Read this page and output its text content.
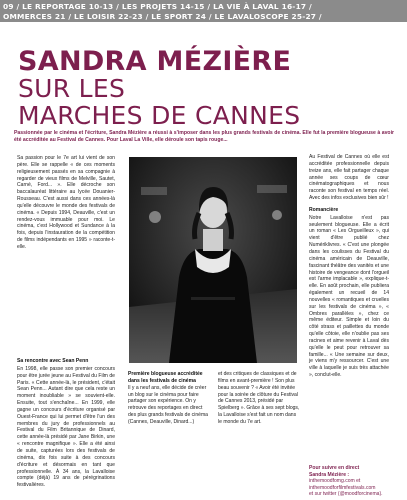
09 / LE REPORTAGE 10-13 / LES PROJETS 14-15 / LA VIE À LAVAL 16-17 /
OMMERCES 21 / LE LOISIR 22-23 / LE SPORT 24 / LE LAVALOSCOPE 25-27 /
SANDRA MÉZIÈRE
SUR LES
MARCHES DE CANNES

Passionnée par le cinéma et l'écriture, Sandra Mézière a réussi à s'imposer dans les plus grands festivals de cinéma. Elle fut la première blogueuse à avoir été accréditée au Festival de Cannes. Pour Laval La Ville, elle déroule son tapis rouge...

Sa passion pour le 7e art lui vient de son père. Elle se rappelle « de ces moments religieusement passés en sa compagnie à regarder de vieux films de Melville, Sautet, Carné, Ford... ». Elle décroche son baccalauréat littéraire au lycée Douanier-Rousseau. C'est aussi dans ces années-là qu'elle découvre le monde des festivals de cinéma. « Depuis 1994, Deauville, c'est un rendez-vous immuable pour moi. Le cinéma, c'est Hollywood et Sundance à la fois, depuis l'instauration de la compétition de films indépendants en 1995 » raconte-t-elle.

Sa rencontre avec Sean Penn

En 1998, elle passe son premier concours pour être jurée jeune au Festival du Film de Paris. « Cette année-là, le président, c'était Sean Penn... Autant dire que cela reste un moment inoubliable » se souvient-elle. Ensuite, tout s'enchaîne... En 1999, elle gagne un concours d'écriture organisé par Ouest-France qui lui permet d'être l'un des membres du jury de professionnels au Festival du Film Britannique de Dinard, cette année-là présidé par Jane Birkin, une « rencontre magnifique ». Elle a été ainsi de suite, capturées lors des festivals de cinéma, dix fois suite à des concours d'écriture et désormais en tant que professionnelle. À 34 ans, la Lavalloise compte (déjà) 19 ans de pérégrinations festivalières.

Première blogueuse accréditée dans les festivals de cinéma

Il y a neuf ans, elle décide de créer un blog sur le cinéma pour faire partager son expérience. On y retrouve des reportages en direct des plus grands festivals de cinéma (Cannes, Deauville, Dinard...)

et des critiques de classiques et de films en avant-première ! Son plus beau souvenir ? « Avoir été invitée pour la soirée de clôture du Festival de Cannes 2013, présidé par Spielberg ». Grâce à ses sept blogs, la Lavalloise s'est fait un nom dans le monde du 7e art.

Au Festival de Cannes où elle est accréditée professionnelle depuis treize ans, elle fait partager chaque année ses coups de cœur cinématographiques et nous raconte son festival en temps réel. Avec des infos exclusives bien sûr !

Romancière

Notre Lavalloise n'est pas seulement blogueuse. Elle a écrit un roman « Les Orgueilleux », qui vient d'être publié chez Numériklivres. « C'est une plongée dans les coulisses du Festival du cinéma américain de Deauville, fascinant théâtre des vanités et une histoire de vengeance dont l'orgueil est l'arme implacable », explique-t-elle. En août prochain, elle publiera également un recueil de 14 nouvelles « romantiques et cruelles sur les festivals de cinéma », « Ombres parallèles », chez ce même éditeur. Simple et loin du côté strass et paillettes du monde qu'elle côtoie, elle n'oublie pas ses racines et aime revenir à Laval dès qu'elle le peut pour retrouver sa famille... « Une semaine sur deux, je viens m'y ressourcer. C'est une ville à laquelle je suis très attachée », conclut-elle.

Pour suivre en direct
Sandra Mézière :
inthemoodfomg.com et
inthemoodforfilmfestivals.com
et sur twitter (@moodforcinema).
